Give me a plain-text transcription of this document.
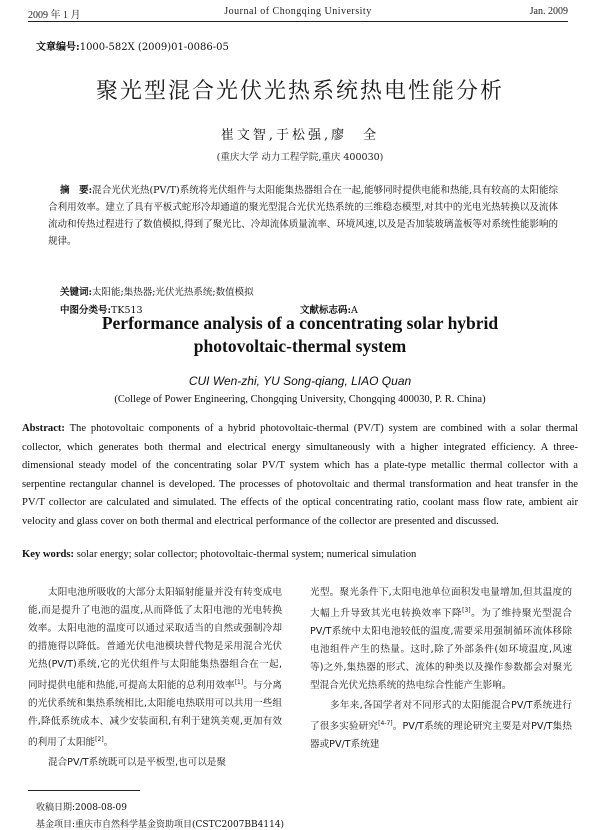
2009 年 1 月	Journal of Chongqing University	Jan. 2009
文章编号:1000-582X (2009)01-0086-05
聚光型混合光伏光热系统热电性能分析
崔文智,于松强,廖　全
(重庆大学 动力工程学院,重庆 400030)
摘　要:混合光伏光热(PV/T)系统将光伏组件与太阳能集热器组合在一起,能够同时提供电能和热能,具有较高的太阳能综合利用效率。建立了具有平板式蛇形冷却通道的聚光型混合光伏光热系统的三维稳态模型,对其中的光电光热转换以及流体流动和传热过程进行了数值模拟,得到了聚光比、冷却流体质量流率、环境风速,以及是否加装玻璃盖板等对系统性能影响的规律。
关键词:太阳能;集热器;光伏光热系统;数值模拟
中图分类号:TK513	文献标志码:A
Performance analysis of a concentrating solar hybrid
photovoltaic-thermal system
CUI Wen-zhi, YU Song-qiang, LIAO Quan
(College of Power Engineering, Chongqing University, Chongqing 400030, P. R. China)
Abstract: The photovoltaic components of a hybrid photovoltaic-thermal (PV/T) system are combined with a solar thermal collector, which generates both thermal and electrical energy simultaneously with a higher integrated efficiency. A three-dimensional steady model of the concentrating solar PV/T system which has a plate-type metallic thermal collector with a serpentine rectangular channel is developed. The processes of photovoltaic and thermal transformation and heat transfer in the PV/T collector are calculated and simulated. The effects of the optical concentrating ratio, coolant mass flow rate, ambient air velocity and glass cover on both thermal and electrical performance of the collector are presented and discussed.
Key words: solar energy; solar collector; photovoltaic-thermal system; numerical simulation

太阳电池所吸收的大部分太阳辐射能量并没有转变成电能,而是提升了电池的温度,从而降低了太阳电池的光电转换效率。太阳电池的温度可以通过采取适当的自然或强制冷却的措施得以降低。普通光伏电池模块替代物是采用混合光伏光热(PV/T)系统,它的光伏组件与太阳能集热器组合在一起,同时提供电能和热能,可提高太阳能的总利用效率[1]。与分离的光伏系统和集热系统相比,太阳能电热联用可以共用一些组件,降低系统成本、减少安装面积,有利于建筑美观,更加有效的利用了太阳能[2]。

混合PV/T系统既可以是平板型,也可以是聚

光型。聚光条件下,太阳电池单位面积发电量增加,但其温度的大幅上升导致其光电转换效率下降[3]。为了维持聚光型混合PV/T系统中太阳电池较低的温度,需要采用强制循环流体移除电池组件产生的热量。这时,除了外部条件(如环境温度,风速等)之外,集热器的形式、流体的种类以及操作参数都会对聚光型混合光伏光热系统的热电综合性能产生影响。

多年来,各国学者对不同形式的太阳能混合PV/T系统进行了很多实验研究[4-7]。PV/T系统的理论研究主要是对PV/T集热器或PV/T系统建

收稿日期:2008-08-09
基金项目:重庆市自然科学基金资助项目(CSTC2007BB4114)
